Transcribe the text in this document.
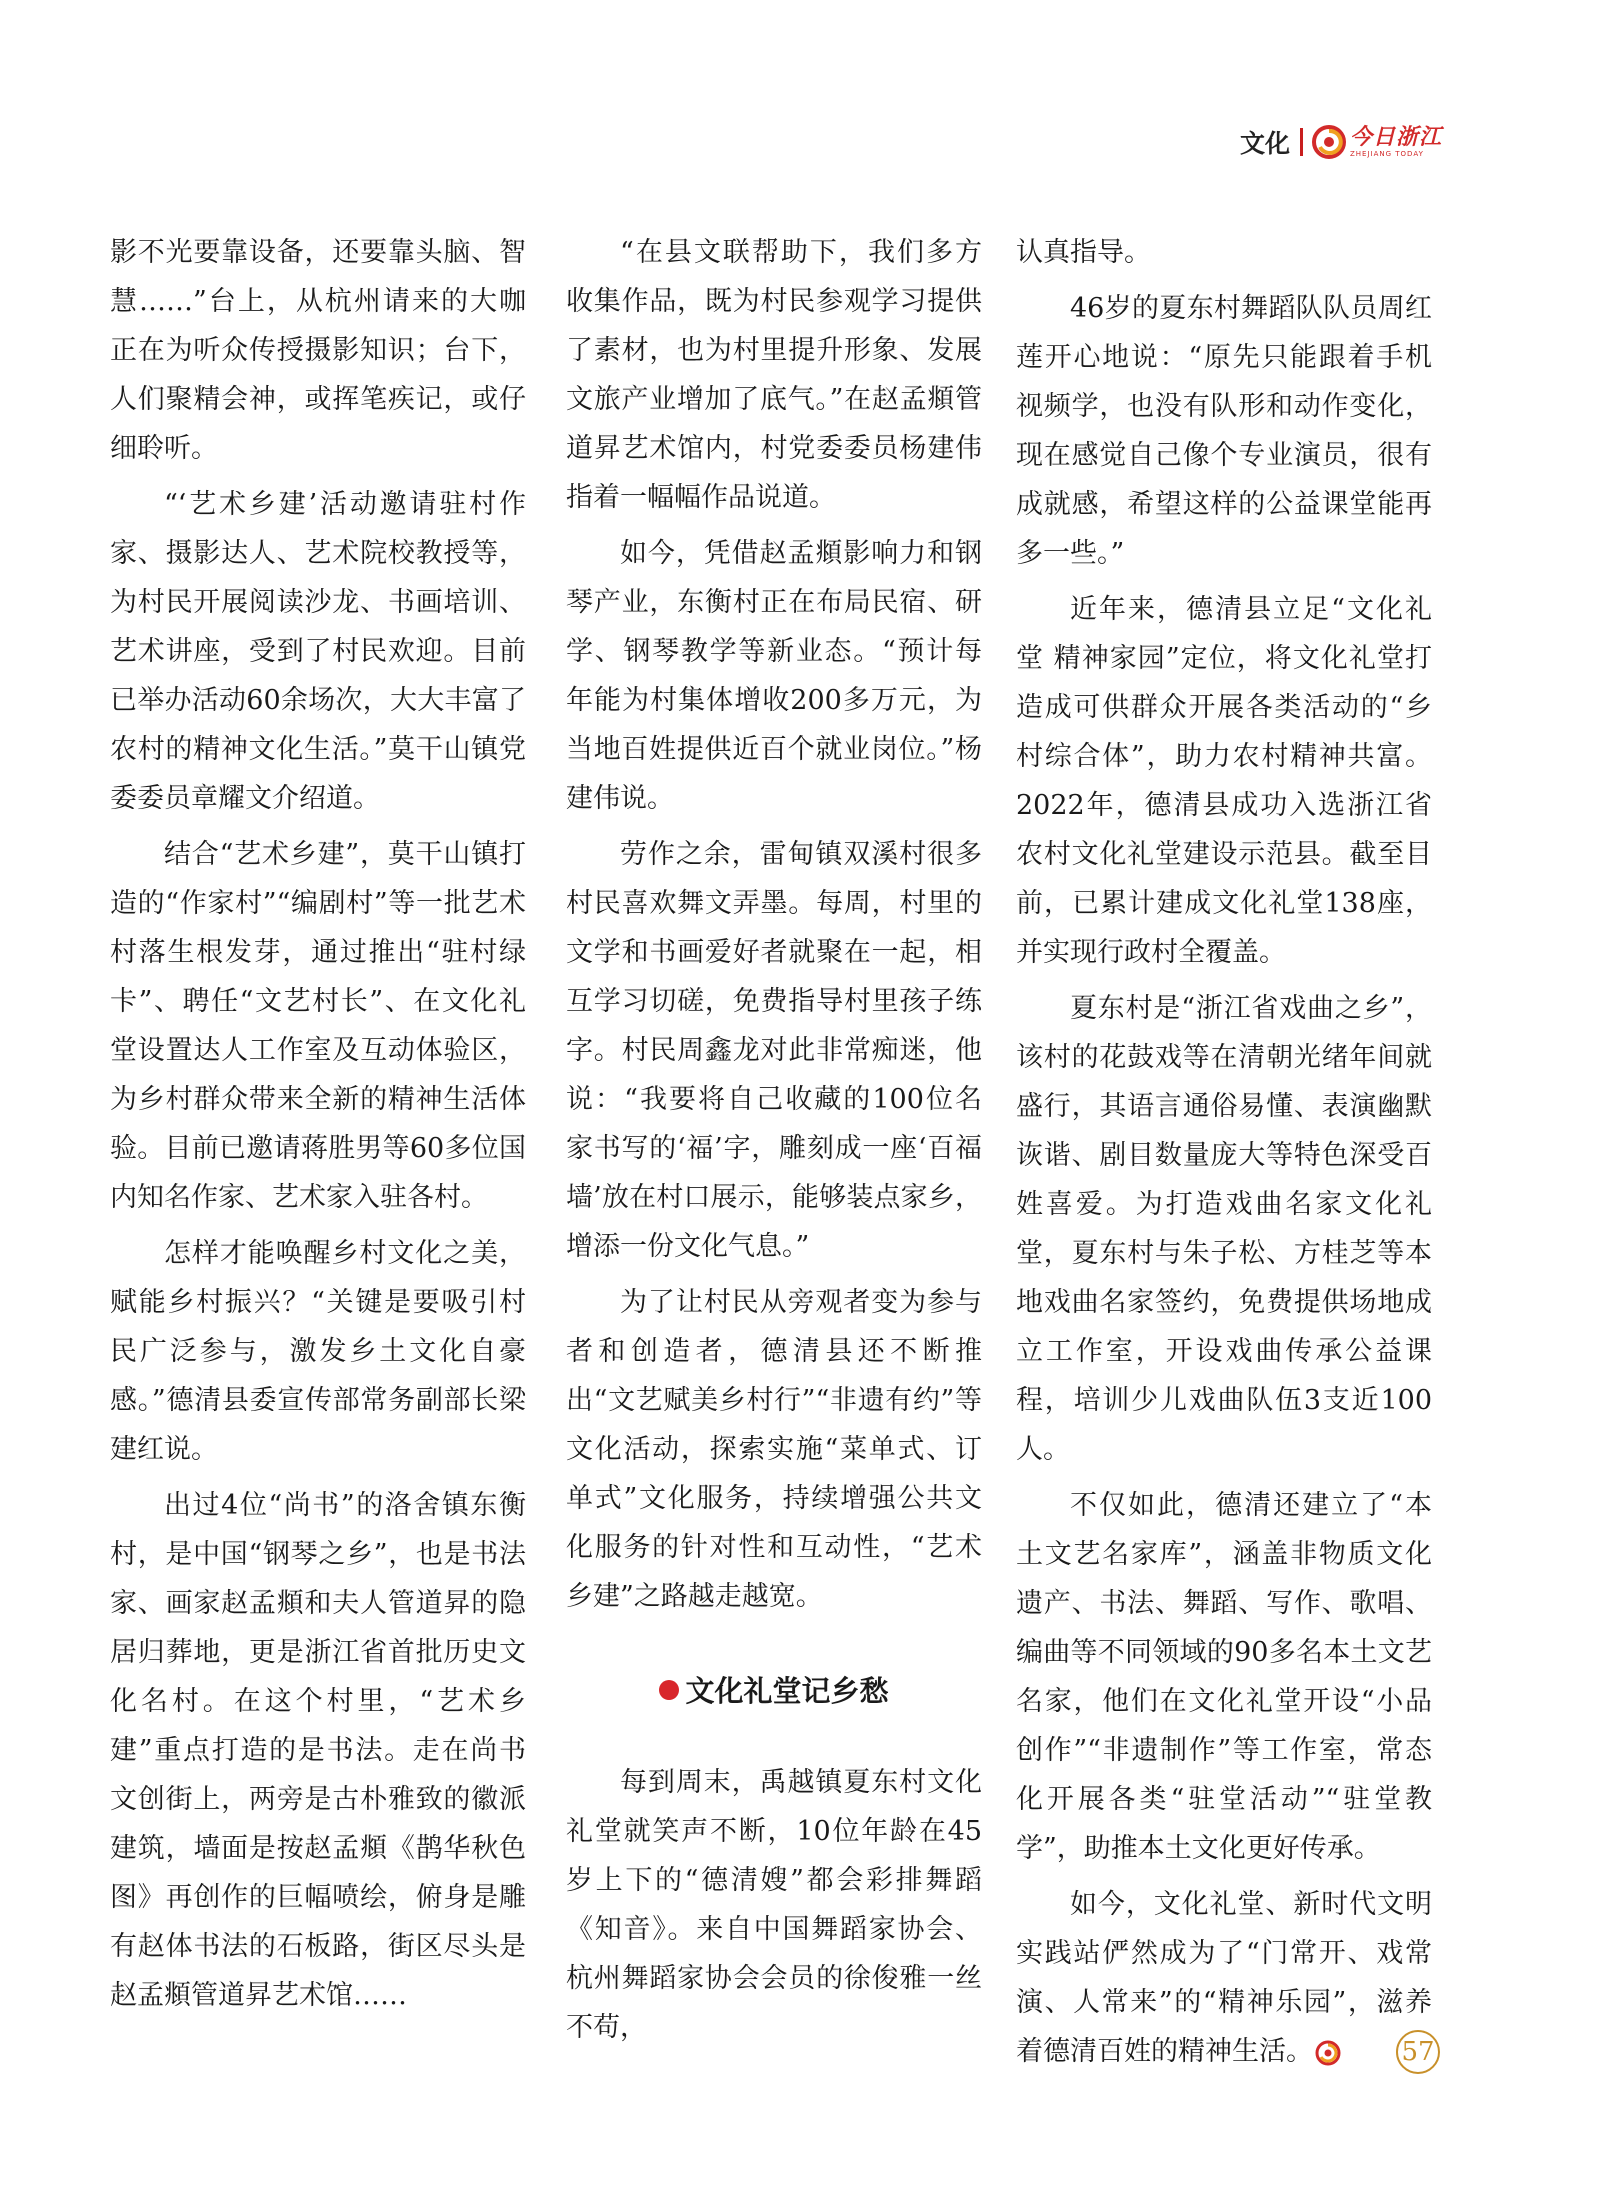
文化	今日浙江
ZHEJIANG TODAY

影不光要靠设备，还要靠头脑、智慧……”台上，从杭州请来的大咖正在为听众传授摄影知识；台下，人们聚精会神，或挥笔疾记，或仔细聆听。

“‘艺术乡建’活动邀请驻村作家、摄影达人、艺术院校教授等，为村民开展阅读沙龙、书画培训、艺术讲座，受到了村民欢迎。目前已举办活动60余场次，大大丰富了农村的精神文化生活。”莫干山镇党委委员章耀文介绍道。

结合“艺术乡建”，莫干山镇打造的“作家村”“编剧村”等一批艺术村落生根发芽，通过推出“驻村绿卡”、聘任“文艺村长”、在文化礼堂设置达人工作室及互动体验区，为乡村群众带来全新的精神生活体验。目前已邀请蒋胜男等60多位国内知名作家、艺术家入驻各村。

怎样才能唤醒乡村文化之美，赋能乡村振兴？“关键是要吸引村民广泛参与，激发乡土文化自豪感。”德清县委宣传部常务副部长梁建红说。

出过4位“尚书”的洛舍镇东衡村，是中国“钢琴之乡”，也是书法家、画家赵孟頫和夫人管道昇的隐居归葬地，更是浙江省首批历史文化名村。在这个村里，“艺术乡建”重点打造的是书法。走在尚书文创街上，两旁是古朴雅致的徽派建筑，墙面是按赵孟頫《鹊华秋色图》再创作的巨幅喷绘，俯身是雕有赵体书法的石板路，街区尽头是赵孟頫管道昇艺术馆……

“在县文联帮助下，我们多方收集作品，既为村民参观学习提供了素材，也为村里提升形象、发展文旅产业增加了底气。”在赵孟頫管道昇艺术馆内，村党委委员杨建伟指着一幅幅作品说道。

如今，凭借赵孟頫影响力和钢琴产业，东衡村正在布局民宿、研学、钢琴教学等新业态。“预计每年能为村集体增收200多万元，为当地百姓提供近百个就业岗位。”杨建伟说。

劳作之余，雷甸镇双溪村很多村民喜欢舞文弄墨。每周，村里的文学和书画爱好者就聚在一起，相互学习切磋，免费指导村里孩子练字。村民周鑫龙对此非常痴迷，他说：“我要将自己收藏的100位名家书写的‘福’字，雕刻成一座‘百福墙’放在村口展示，能够装点家乡，增添一份文化气息。”

为了让村民从旁观者变为参与者和创造者，德清县还不断推出“文艺赋美乡村行”“非遗有约”等文化活动，探索实施“菜单式、订单式”文化服务，持续增强公共文化服务的针对性和互动性，“艺术乡建”之路越走越宽。

文化礼堂记乡愁

每到周末，禹越镇夏东村文化礼堂就笑声不断，10位年龄在45岁上下的“德清嫂”都会彩排舞蹈《知音》。来自中国舞蹈家协会、杭州舞蹈家协会会员的徐俊雅一丝不苟，

认真指导。

46岁的夏东村舞蹈队队员周红莲开心地说：“原先只能跟着手机视频学，也没有队形和动作变化，现在感觉自己像个专业演员，很有成就感，希望这样的公益课堂能再多一些。”

近年来，德清县立足“文化礼堂 精神家园”定位，将文化礼堂打造成可供群众开展各类活动的“乡村综合体”，助力农村精神共富。2022年，德清县成功入选浙江省农村文化礼堂建设示范县。截至目前，已累计建成文化礼堂138座，并实现行政村全覆盖。

夏东村是“浙江省戏曲之乡”，该村的花鼓戏等在清朝光绪年间就盛行，其语言通俗易懂、表演幽默诙谐、剧目数量庞大等特色深受百姓喜爱。为打造戏曲名家文化礼堂，夏东村与朱子松、方桂芝等本地戏曲名家签约，免费提供场地成立工作室，开设戏曲传承公益课程，培训少儿戏曲队伍3支近100人。

不仅如此，德清还建立了“本土文艺名家库”，涵盖非物质文化遗产、书法、舞蹈、写作、歌唱、编曲等不同领域的90多名本土文艺名家，他们在文化礼堂开设“小品创作”“非遗制作”等工作室，常态化开展各类“驻堂活动”“驻堂教学”，助推本土文化更好传承。

如今，文化礼堂、新时代文明实践站俨然成为了“门常开、戏常演、人常来”的“精神乐园”，滋养着德清百姓的精神生活。	57
